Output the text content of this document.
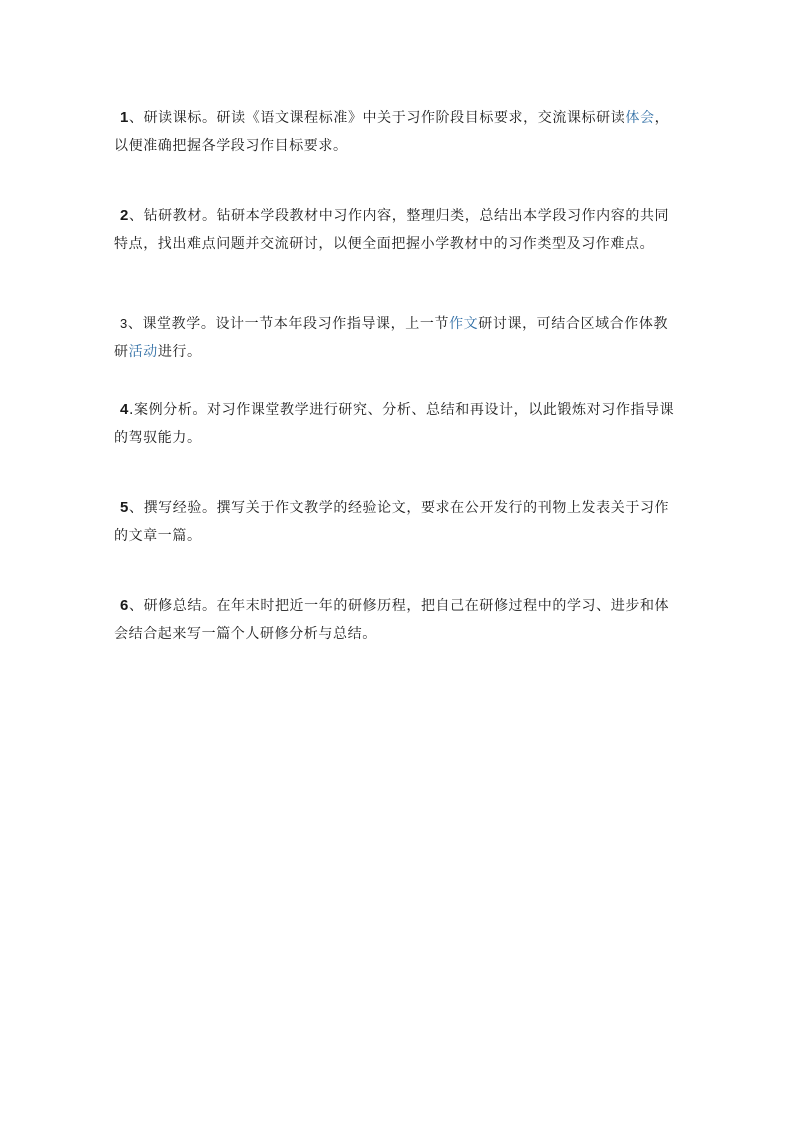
1、研读课标。研读《语文课程标准》中关于习作阶段目标要求，交流课标研读体会，以便准确把握各学段习作目标要求。

2、钻研教材。钻研本学段教材中习作内容，整理归类，总结出本学段习作内容的共同特点，找出难点问题并交流研讨，以便全面把握小学教材中的习作类型及习作难点。

3、课堂教学。设计一节本年段习作指导课，上一节作文研讨课，可结合区域合作体教研活动进行。

4.案例分析。对习作课堂教学进行研究、分析、总结和再设计，以此锻炼对习作指导课的驾驭能力。

5、撰写经验。撰写关于作文教学的经验论文，要求在公开发行的刊物上发表关于习作的文章一篇。

6、研修总结。在年末时把近一年的研修历程，把自己在研修过程中的学习、进步和体会结合起来写一篇个人研修分析与总结。
